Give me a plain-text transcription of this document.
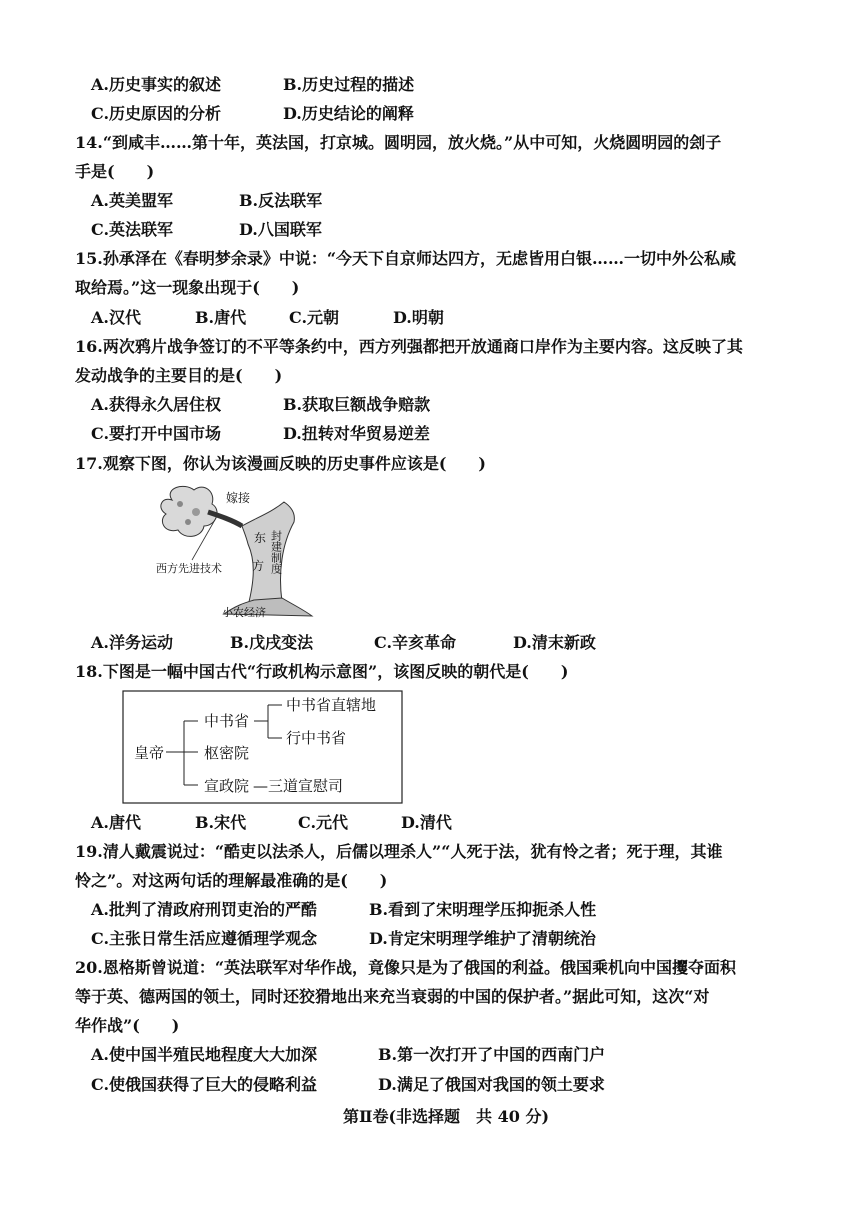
A.历史事实的叙述	B.历史过程的描述
C.历史原因的分析	D.历史结论的阐释
14.“到咸丰……第十年，英法国，打京城。圆明园，放火烧。”从中可知，火烧圆明园的刽子
手是(　　)
A.英美盟军	B.反法联军
C.英法联军	D.八国联军
15.孙承泽在《春明梦余录》中说：“今天下自京师达四方，无虑皆用白银……一切中外公私咸
取给焉。”这一现象出现于(　　)
A.汉代	B.唐代	C.元朝	D.明朝
16.两次鸦片战争签订的不平等条约中，西方列强都把开放通商口岸作为主要内容。这反映了其
发动战争的主要目的是(　　)
A.获得永久居住权	B.获取巨额战争赔款
C.要打开中国市场	D.扭转对华贸易逆差
17.观察下图，你认为该漫画反映的历史事件应该是(　　)
嫁接
西方先进技术
东
方 封建制度
小农经济
A.洋务运动	B.戊戌变法	C.辛亥革命	D.清末新政
18.下图是一幅中国古代“行政机构示意图”，该图反映的朝代是(　　)
皇帝
中书省
中书省直辖地
行中书省
枢密院
宣政院 —三道宣慰司
A.唐代	B.宋代	C.元代	D.清代
19.清人戴震说过：“酷吏以法杀人，后儒以理杀人”“人死于法，犹有怜之者；死于理，其谁
怜之”。对这两句话的理解最准确的是(　　)
A.批判了清政府刑罚吏治的严酷	B.看到了宋明理学压抑扼杀人性
C.主张日常生活应遵循理学观念	D.肯定宋明理学维护了清朝统治
20.恩格斯曾说道：“英法联军对华作战，竟像只是为了俄国的利益。俄国乘机向中国攫夺面积
等于英、德两国的领土，同时还狡猾地出来充当衰弱的中国的保护者。”据此可知，这次“对
华作战”(　　)
A.使中国半殖民地程度大大加深	B.第一次打开了中国的西南门户
C.使俄国获得了巨大的侵略利益	D.满足了俄国对我国的领土要求
第Ⅱ卷(非选择题　共 40 分)
